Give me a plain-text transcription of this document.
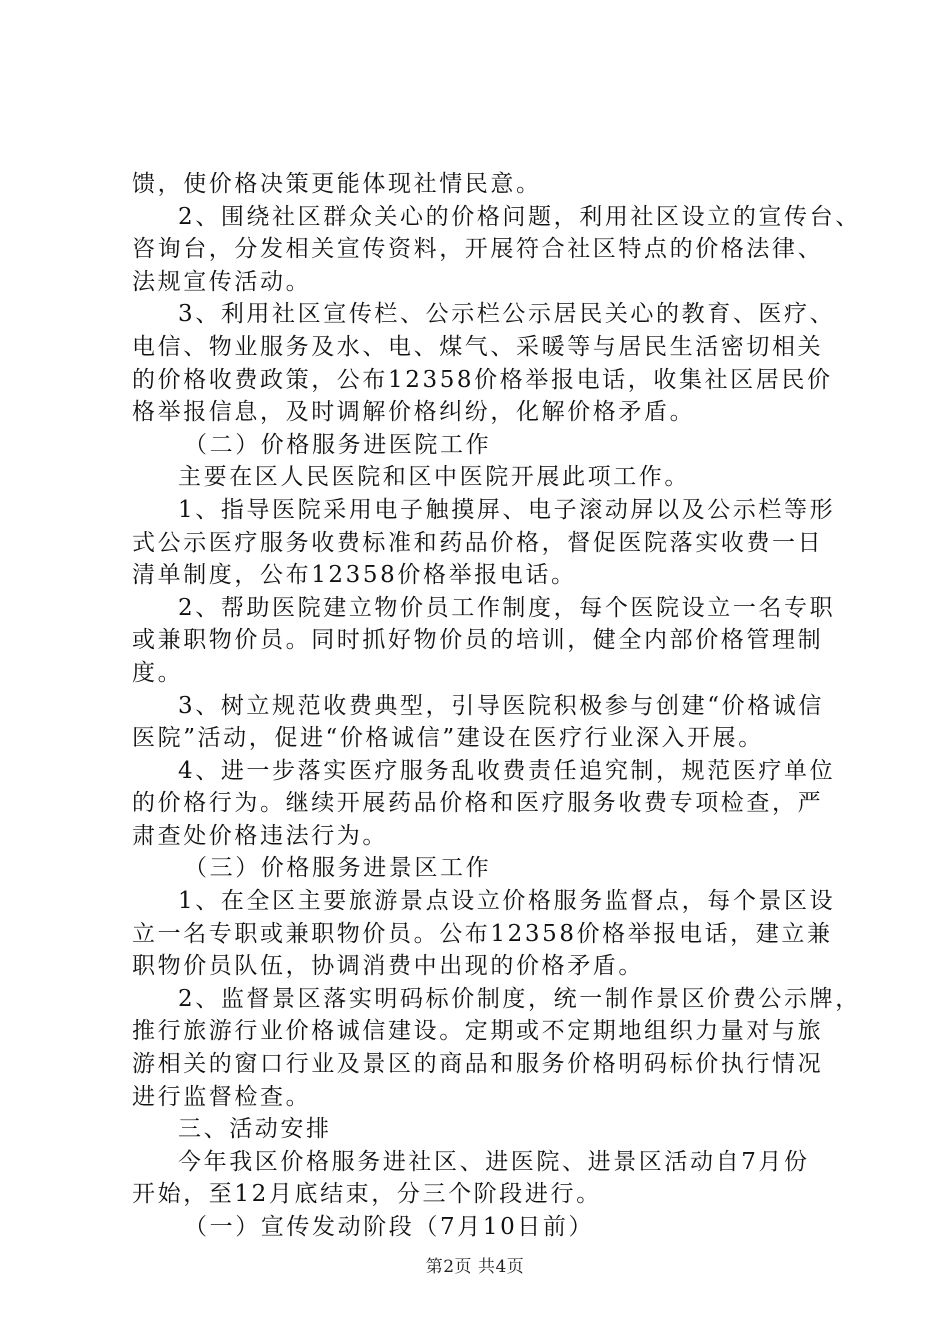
馈，使价格决策更能体现社情民意。
2、围绕社区群众关心的价格问题，利用社区设立的宣传台、
咨询台，分发相关宣传资料，开展符合社区特点的价格法律、
法规宣传活动。
3、利用社区宣传栏、公示栏公示居民关心的教育、医疗、
电信、物业服务及水、电、煤气、采暖等与居民生活密切相关
的价格收费政策，公布12358价格举报电话，收集社区居民价
格举报信息，及时调解价格纠纷，化解价格矛盾。
（二）价格服务进医院工作
主要在区人民医院和区中医院开展此项工作。
1、指导医院采用电子触摸屏、电子滚动屏以及公示栏等形
式公示医疗服务收费标准和药品价格，督促医院落实收费一日
清单制度，公布12358价格举报电话。
2、帮助医院建立物价员工作制度，每个医院设立一名专职
或兼职物价员。同时抓好物价员的培训，健全内部价格管理制
度。
3、树立规范收费典型，引导医院积极参与创建“价格诚信
医院”活动，促进“价格诚信”建设在医疗行业深入开展。
4、进一步落实医疗服务乱收费责任追究制，规范医疗单位
的价格行为。继续开展药品价格和医疗服务收费专项检查，严
肃查处价格违法行为。
（三）价格服务进景区工作
1、在全区主要旅游景点设立价格服务监督点，每个景区设
立一名专职或兼职物价员。公布12358价格举报电话，建立兼
职物价员队伍，协调消费中出现的价格矛盾。
2、监督景区落实明码标价制度，统一制作景区价费公示牌，
推行旅游行业价格诚信建设。定期或不定期地组织力量对与旅
游相关的窗口行业及景区的商品和服务价格明码标价执行情况
进行监督检查。
三、活动安排
今年我区价格服务进社区、进医院、进景区活动自7月份
开始，至12月底结束，分三个阶段进行。
（一）宣传发动阶段（7月10日前）
第2页 共4页
